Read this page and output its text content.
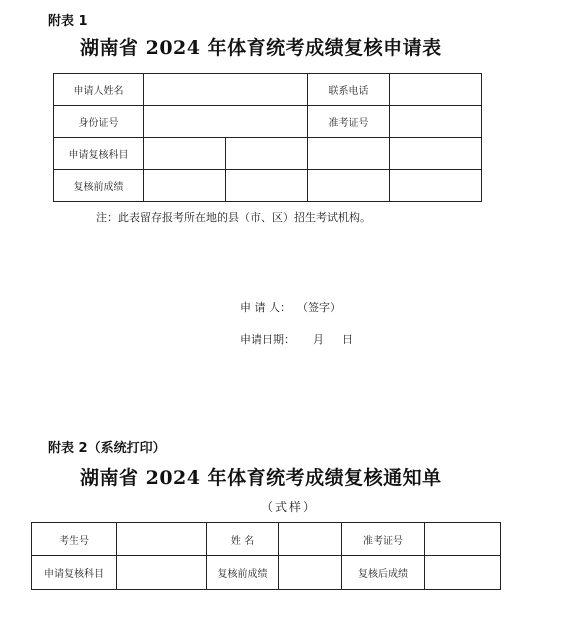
附表 1
湖南省 2024 年体育统考成绩复核申请表
申请人姓名			联系电话	
身份证号			准考证号	
申请复核科目				
复核前成绩				
注：此表留存报考所在地的县（市、区）招生考试机构。
申 请 人： （签字）
申请日期： 月 日
附表 2（系统打印）
湖南省 2024 年体育统考成绩复核通知单
（式样）
考生号		姓 名		准考证号	
申请复核科目		复核前成绩		复核后成绩	
